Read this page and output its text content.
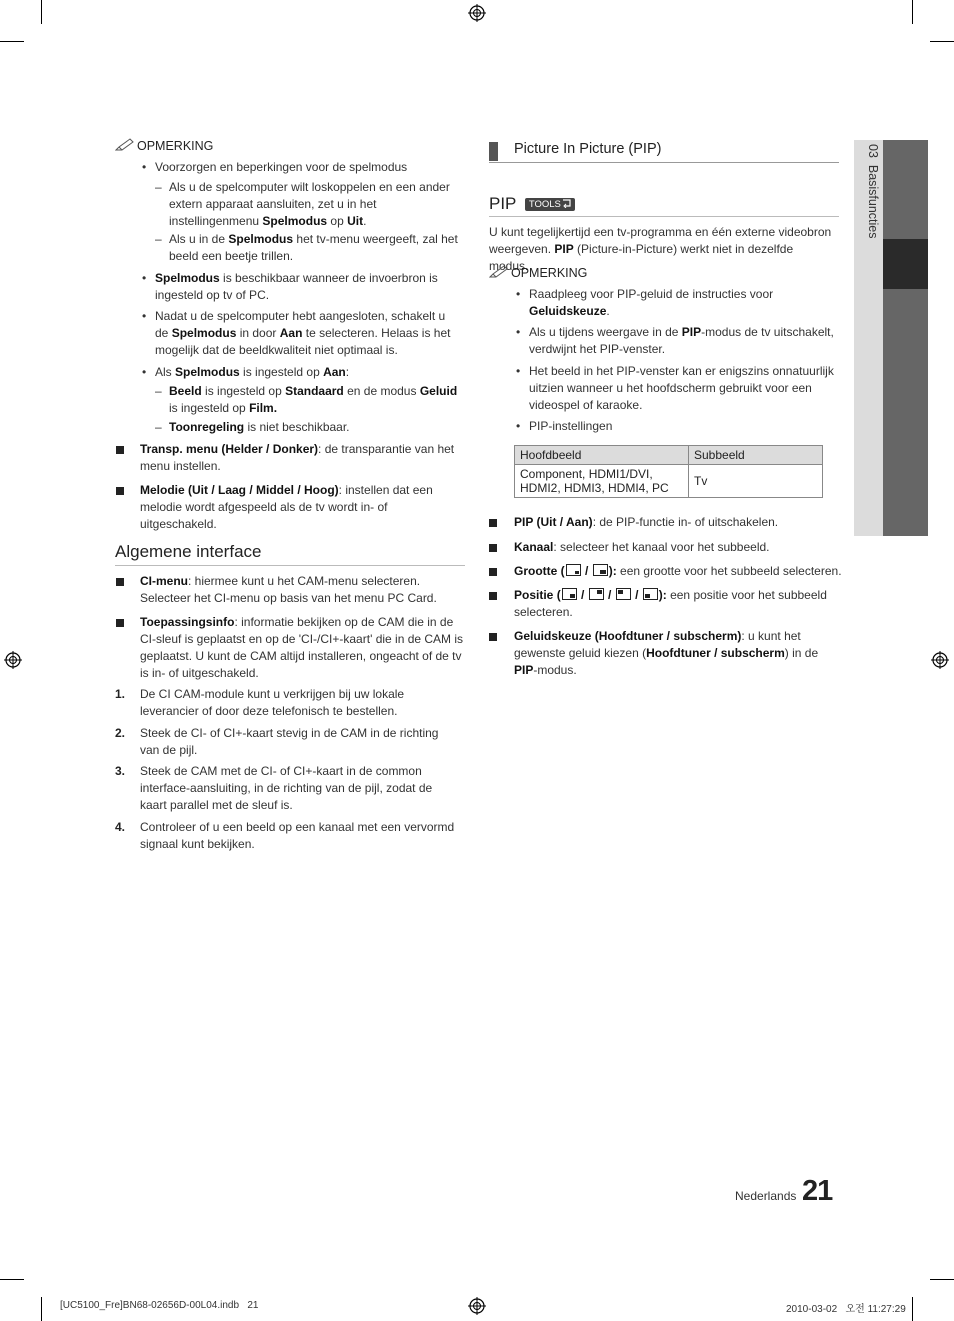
03  Basisfuncties
OPMERKING
• Voorzorgen en beperkingen voor de spelmodus
– Als u de spelcomputer wilt loskoppelen en een ander extern apparaat aansluiten, zet u in het instellingenmenu Spelmodus op Uit.
– Als u in de Spelmodus het tv-menu weergeeft, zal het beeld een beetje trillen.
• Spelmodus is beschikbaar wanneer de invoerbron is ingesteld op tv of PC.
• Nadat u de spelcomputer hebt aangesloten, schakelt u de Spelmodus in door Aan te selecteren. Helaas is het mogelijk dat de beeldkwaliteit niet optimaal is.
• Als Spelmodus is ingesteld op Aan:
– Beeld is ingesteld op Standaard en de modus Geluid is ingesteld op Film.
– Toonregeling is niet beschikbaar.
Transp. menu (Helder / Donker): de transparantie van het menu instellen.
Melodie (Uit / Laag / Middel / Hoog): instellen dat een melodie wordt afgespeeld als de tv wordt in- of uitgeschakeld.
Algemene interface
CI-menu: hiermee kunt u het CAM-menu selecteren. Selecteer het CI-menu op basis van het menu PC Card.
Toepassingsinfo: informatie bekijken op de CAM die in de CI-sleuf is geplaatst en op de 'CI-/CI+-kaart' die in de CAM is geplaatst. U kunt de CAM altijd installeren, ongeacht of de tv is in- of uitgeschakeld.
1. De CI CAM-module kunt u verkrijgen bij uw lokale leverancier of door deze telefonisch te bestellen.
2. Steek de CI- of CI+-kaart stevig in de CAM in de richting van de pijl.
3. Steek de CAM met de CI- of CI+-kaart in de common interface-aansluiting, in de richting van de pijl, zodat de kaart parallel met de sleuf is.
4. Controleer of u een beeld op een kanaal met een vervormd signaal kunt bekijken.
Picture In Picture (PIP)
PIP TOOLS
U kunt tegelijkertijd een tv-programma en één externe videobron weergeven. PIP (Picture-in-Picture) werkt niet in dezelfde modus.
OPMERKING
• Raadpleeg voor PIP-geluid de instructies voor Geluidskeuze.
• Als u tijdens weergave in de PIP-modus de tv uitschakelt, verdwijnt het PIP-venster.
• Het beeld in het PIP-venster kan er enigszins onnatuurlijk uitzien wanneer u het hoofdscherm gebruikt voor een videospel of karaoke.
• PIP-instellingen
Hoofdbeeld	Subbeeld
Component, HDMI1/DVI,
HDMI2, HDMI3, HDMI4, PC	Tv
PIP (Uit / Aan): de PIP-functie in- of uitschakelen.
Kanaal: selecteer het kanaal voor het subbeeld.
Grootte (
/
): een grootte voor het subbeeld selecteren.
Positie (
/
/
/
): een positie voor het subbeeld selecteren.
Geluidskeuze (Hoofdtuner / subscherm): u kunt het gewenste geluid kiezen (Hoofdtuner / subscherm) in de PIP-modus.
Nederlands 21
[UC5100_Fre]BN68-02656D-00L04.indb   21	2010-03-02   오전 11:27:29
